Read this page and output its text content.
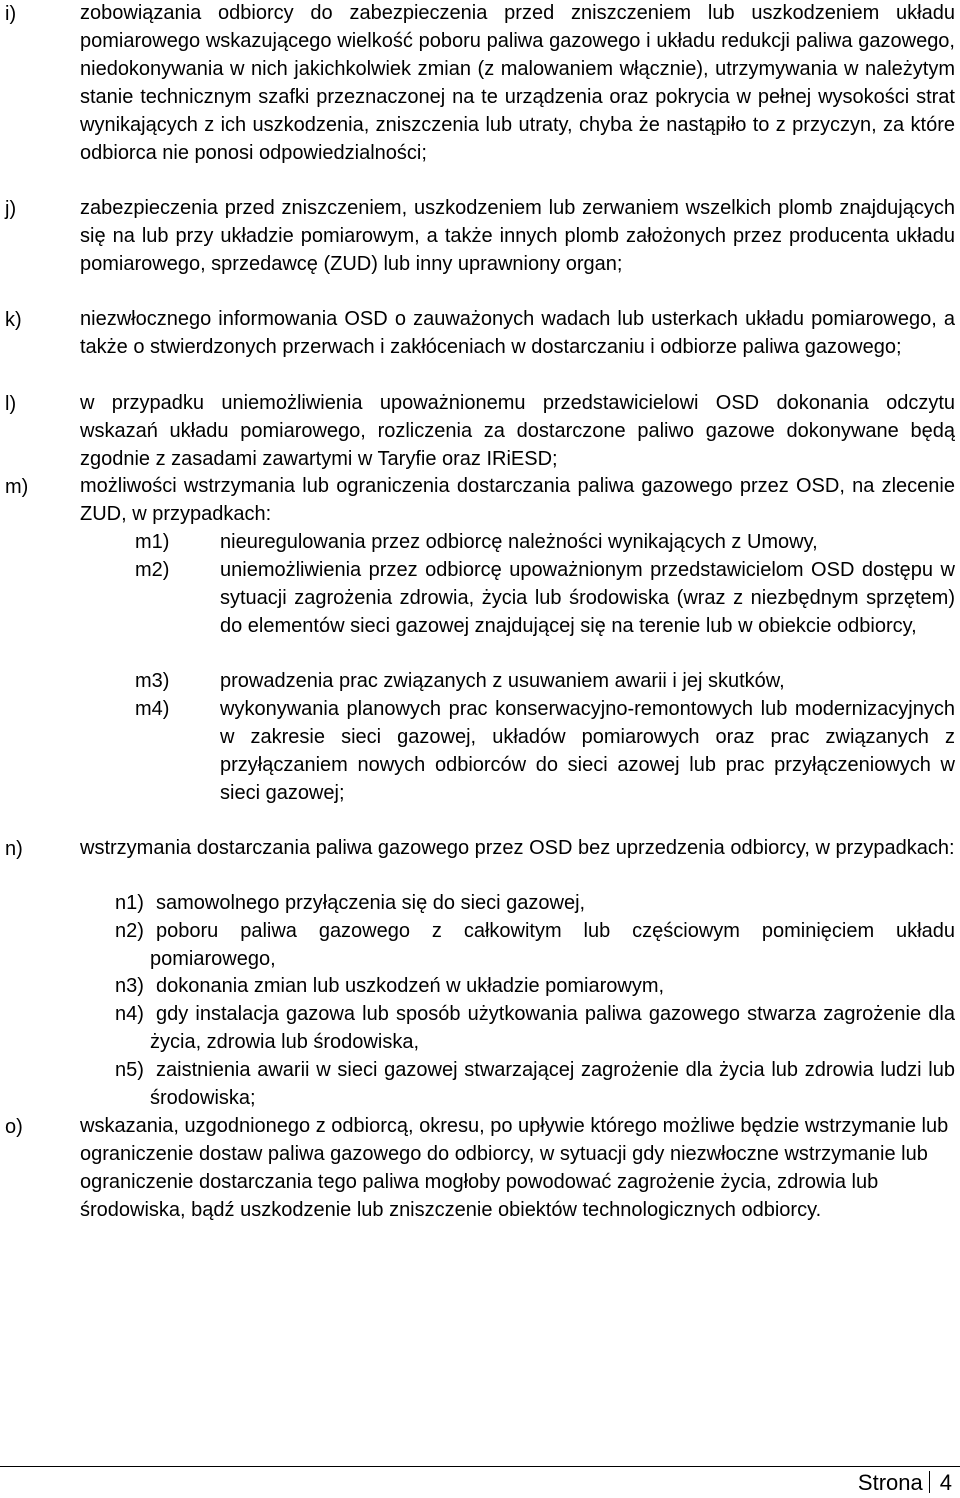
i)	zobowiązania odbiorcy do zabezpieczenia przed zniszczeniem lub uszkodzeniem układu pomiarowego wskazującego wielkość poboru paliwa gazowego i układu redukcji paliwa gazowego, niedokonywania w nich jakichkolwiek zmian (z malowaniem włącznie), utrzymywania w należytym stanie technicznym szafki przeznaczonej na te urządzenia oraz pokrycia w pełnej wysokości strat wynikających z ich uszkodzenia, zniszczenia lub utraty, chyba że nastąpiło to z przyczyn, za które odbiorca nie ponosi odpowiedzialności;
j)	zabezpieczenia przed zniszczeniem, uszkodzeniem lub zerwaniem wszelkich plomb znajdujących się na lub przy układzie pomiarowym, a także innych plomb założonych przez producenta układu pomiarowego, sprzedawcę (ZUD) lub inny uprawniony organ;
k)	niezwłocznego informowania OSD o zauważonych wadach lub usterkach układu pomiarowego, a także o stwierdzonych przerwach i zakłóceniach w dostarczaniu i odbiorze paliwa gazowego;
l)	w przypadku uniemożliwienia upoważnionemu przedstawicielowi OSD dokonania odczytu wskazań układu pomiarowego, rozliczenia za dostarczone paliwo gazowe dokonywane będą zgodnie z zasadami zawartymi w Taryfie oraz IRiESD;
m)	możliwości wstrzymania lub ograniczenia dostarczania paliwa gazowego przez OSD, na zlecenie ZUD, w przypadkach:
m1)	nieuregulowania przez odbiorcę należności wynikających z Umowy,
m2)	uniemożliwienia przez odbiorcę upoważnionym przedstawicielom OSD dostępu w sytuacji zagrożenia zdrowia, życia lub środowiska (wraz z niezbędnym sprzętem) do elementów sieci gazowej znajdującej się na terenie lub w obiekcie odbiorcy,
m3)	prowadzenia prac związanych z usuwaniem awarii i jej skutków,
m4)	wykonywania planowych prac konserwacyjno-remontowych lub modernizacyjnych w zakresie sieci gazowej, układów pomiarowych oraz prac związanych z przyłączaniem nowych odbiorców do sieci azowej lub prac przyłączeniowych w sieci gazowej;
n)	wstrzymania dostarczania paliwa gazowego przez OSD bez uprzedzenia odbiorcy, w przypadkach:
n1) samowolnego przyłączenia się do sieci gazowej,
n2) poboru paliwa gazowego z całkowitym lub częściowym pominięciem układu pomiarowego,
n3) dokonania zmian lub uszkodzeń w układzie pomiarowym,
n4) gdy instalacja gazowa lub sposób użytkowania paliwa gazowego stwarza zagrożenie dla życia, zdrowia lub środowiska,
n5) zaistnienia awarii w sieci gazowej stwarzającej zagrożenie dla życia lub zdrowia ludzi lub środowiska;
o)	wskazania, uzgodnionego z odbiorcą, okresu, po upływie którego możliwe będzie wstrzymanie lub ograniczenie dostaw paliwa gazowego do odbiorcy, w sytuacji gdy niezwłoczne wstrzymanie lub ograniczenie dostarczania tego paliwa mogłoby powodować zagrożenie życia, zdrowia lub środowiska, bądź uszkodzenie lub zniszczenie obiektów technologicznych odbiorcy.
Strona 4
